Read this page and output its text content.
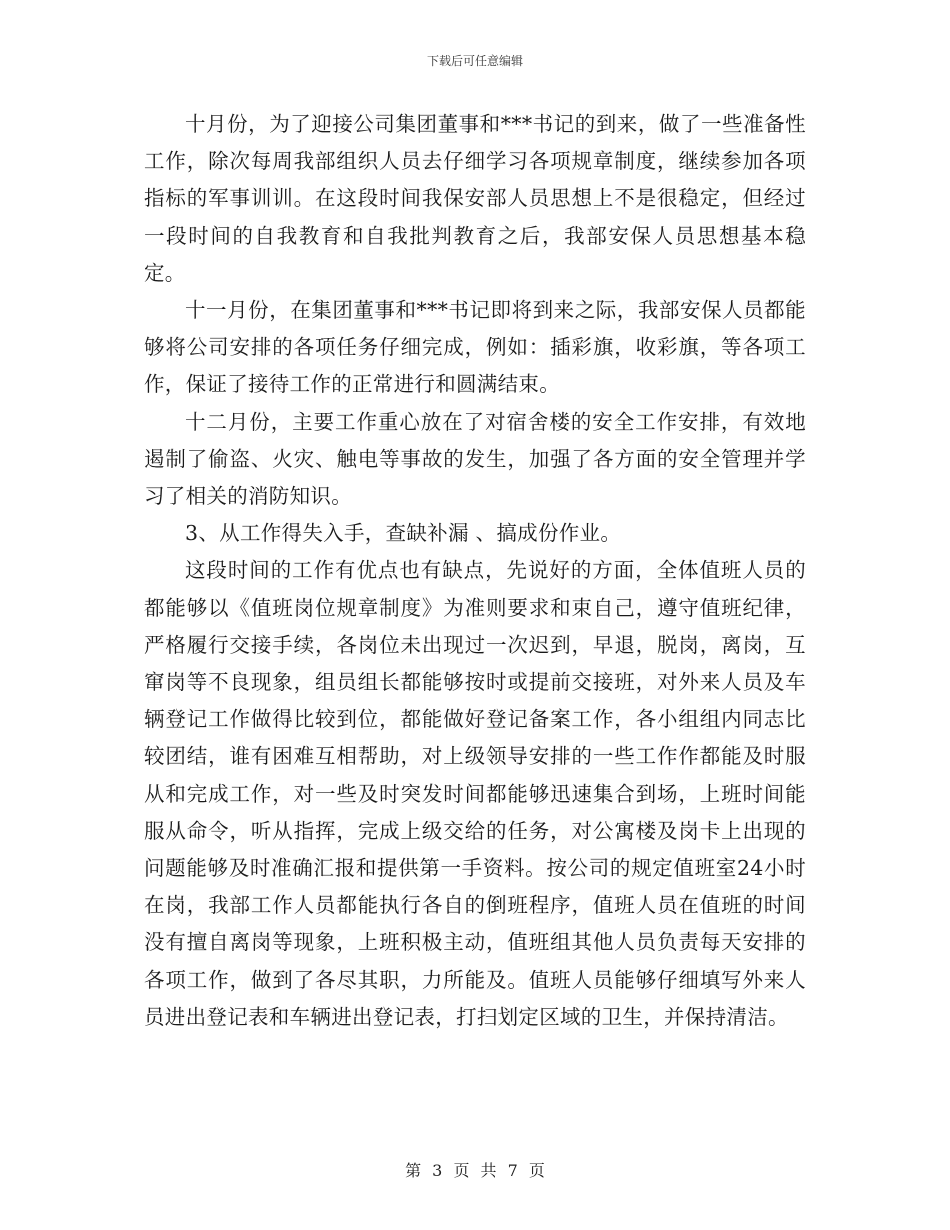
下载后可任意编辑

十月份，为了迎接公司集团董事和***书记的到来，做了一些准备性工作，除次每周我部组织人员去仔细学习各项规章制度，继续参加各项指标的军事训训。在这段时间我保安部人员思想上不是很稳定，但经过一段时间的自我教育和自我批判教育之后，我部安保人员思想基本稳定。

十一月份，在集团董事和***书记即将到来之际，我部安保人员都能够将公司安排的各项任务仔细完成，例如：插彩旗，收彩旗，等各项工作，保证了接待工作的正常进行和圆满结束。

十二月份，主要工作重心放在了对宿舍楼的安全工作安排，有效地遏制了偷盗、火灾、触电等事故的发生，加强了各方面的安全管理并学习了相关的消防知识。

3、从工作得失入手，查缺补漏 、搞成份作业。

这段时间的工作有优点也有缺点，先说好的方面，全体值班人员的都能够以《值班岗位规章制度》为准则要求和束自己，遵守值班纪律，严格履行交接手续，各岗位未出现过一次迟到，早退，脱岗，离岗，互窜岗等不良现象，组员组长都能够按时或提前交接班，对外来人员及车辆登记工作做得比较到位，都能做好登记备案工作，各小组组内同志比较团结，谁有困难互相帮助，对上级领导安排的一些工作作都能及时服从和完成工作，对一些及时突发时间都能够迅速集合到场，上班时间能服从命令，听从指挥，完成上级交给的任务，对公寓楼及岗卡上出现的问题能够及时准确汇报和提供第一手资料。按公司的规定值班室24小时在岗，我部工作人员都能执行各自的倒班程序，值班人员在值班的时间没有擅自离岗等现象，上班积极主动，值班组其他人员负责每天安排的各项工作，做到了各尽其职，力所能及。值班人员能够仔细填写外来人员进出登记表和车辆进出登记表，打扫划定区域的卫生，并保持清洁。

第 3 页 共 7 页
